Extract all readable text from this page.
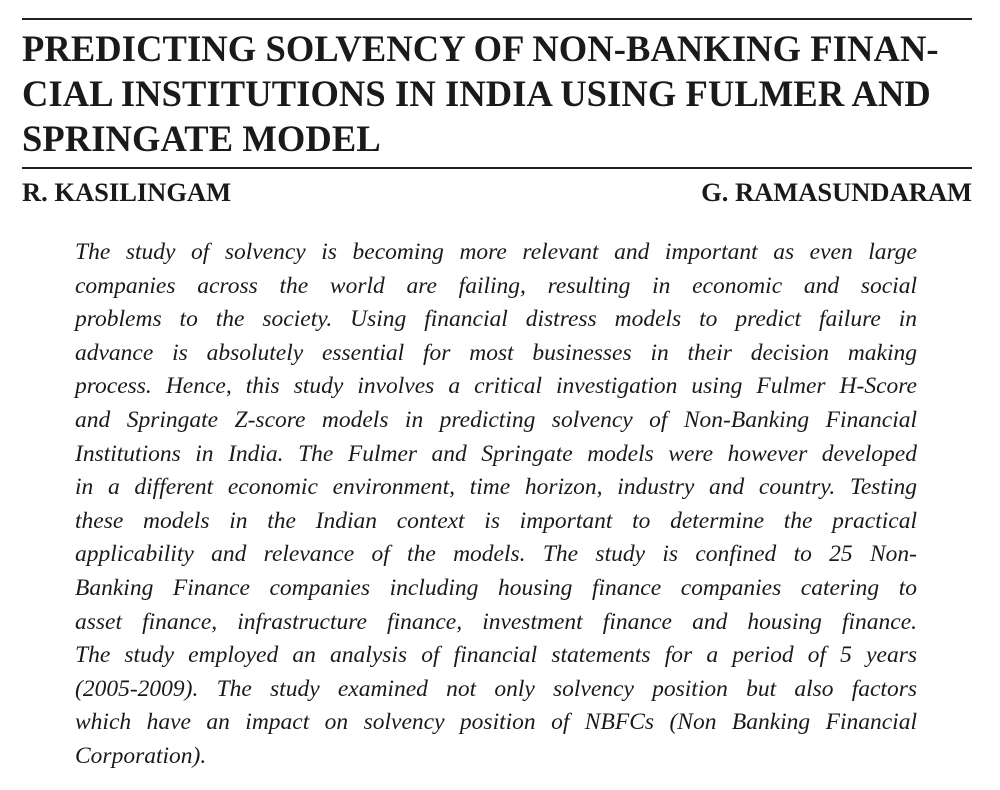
PREDICTING SOLVENCY OF NON-BANKING FINAN-
CIAL INSTITUTIONS IN INDIA USING FULMER AND
SPRINGATE MODEL
R. KASILINGAM	G. RAMASUNDARAM
The study of solvency is becoming more relevant and important as even large
companies across the world are failing, resulting in economic and social
problems to the society. Using financial distress models to predict failure in
advance is absolutely essential for most businesses in their decision making
process. Hence, this study involves a critical investigation using Fulmer H-Score
and Springate Z-score models in predicting solvency of Non-Banking Financial
Institutions in India. The Fulmer and Springate models were however developed
in a different economic environment, time horizon, industry and country. Testing
these models in the Indian context is important to determine the practical
applicability and relevance of the models. The study is confined to 25 Non-
Banking Finance companies including housing finance companies catering to
asset finance, infrastructure finance, investment finance and housing finance.
The study employed an analysis of financial statements for a period of 5 years
(2005-2009). The study examined not only solvency position but also factors
which have an impact on solvency position of NBFCs (Non Banking Financial
Corporation).
